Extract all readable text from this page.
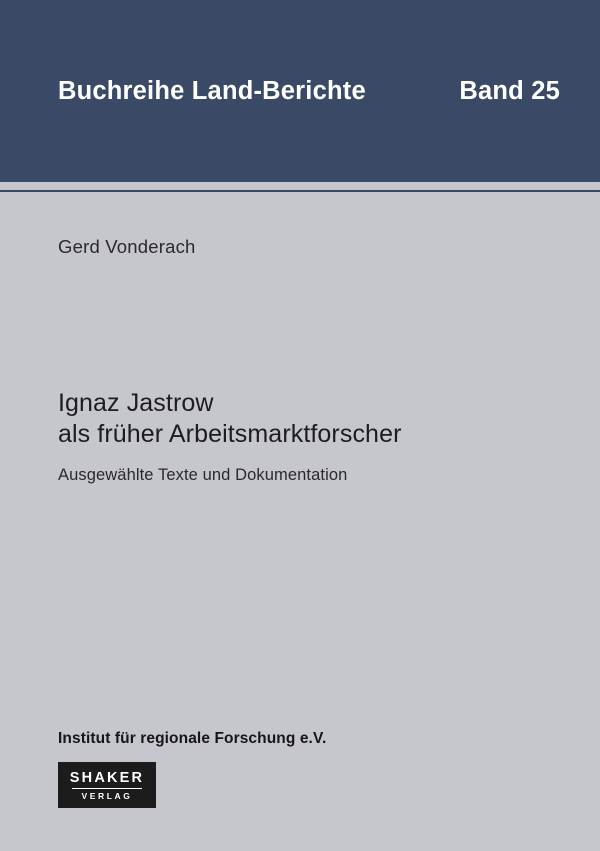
Buchreihe Land-Berichte	Band 25
Gerd Vonderach
Ignaz Jastrow
als früher Arbeitsmarktforscher
Ausgewählte Texte und Dokumentation
Institut für regionale Forschung e.V.
SHAKER
VERLAG
